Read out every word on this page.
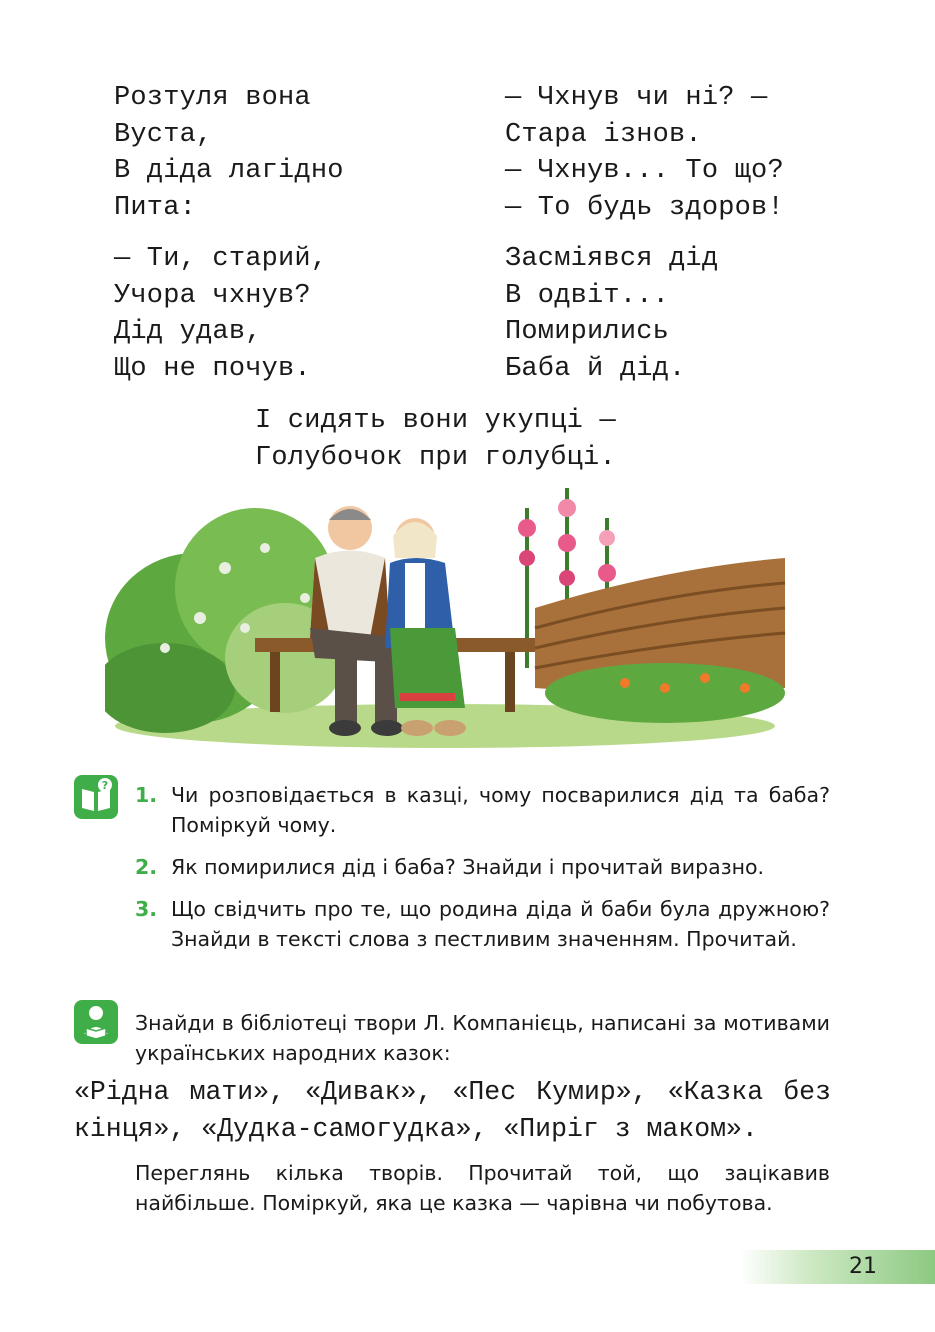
Розтуля вона
Вуста,
В діда лагідно
Пита:
— Ти, старий,
Учора чхнув?
Дід удав,
Що не почув.
— Чхнув чи ні? —
Стара ізнов.
— Чхнув... То що?
— То будь здоров!
Засміявся дід
В одвіт...
Помирились
Баба й дід.
І сидять вони укупці —
Голубочок при голубці.
? 1. Чи розповідається в казці, чому посварилися дід та баба? Поміркуй чому.
2. Як помирилися дід і баба? Знайди і прочитай виразно.
3. Що свідчить про те, що родина діда й баби була дружною? Знайди в тексті слова з пестливим значенням. Прочитай.
Знайди в бібліотеці твори Л. Компанієць, написані за мотивами українських народних казок:
«Рідна мати», «Дивак», «Пес Кумир», «Казка без кінця», «Дудка-самогудка», «Пиріг з маком».
Переглянь кілька творів. Прочитай той, що зацікавив найбільше. Поміркуй, яка це казка — чарівна чи побутова.
21
